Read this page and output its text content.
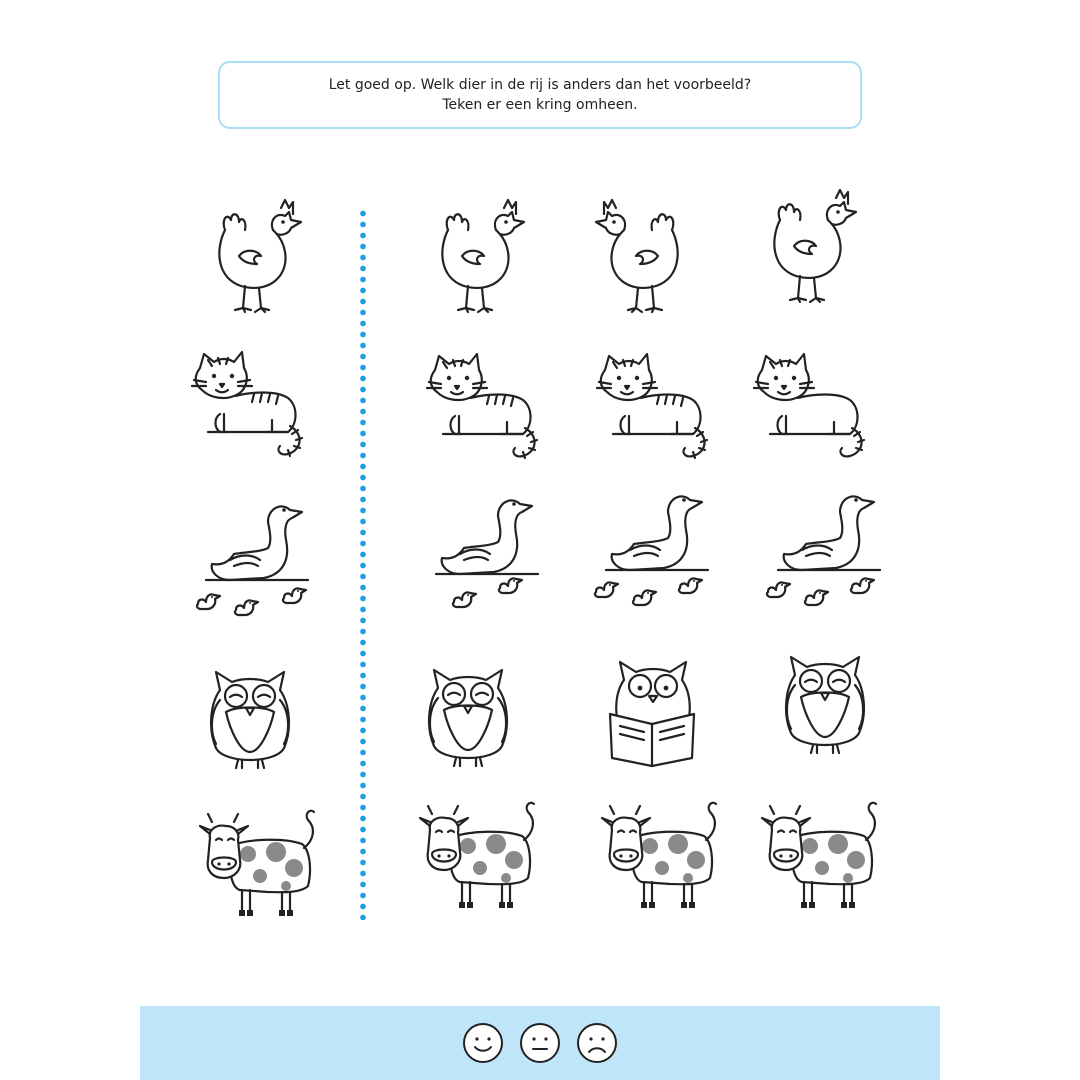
Let goed op. Welk dier in de rij is anders dan het voorbeeld?
Teken er een kring omheen.
